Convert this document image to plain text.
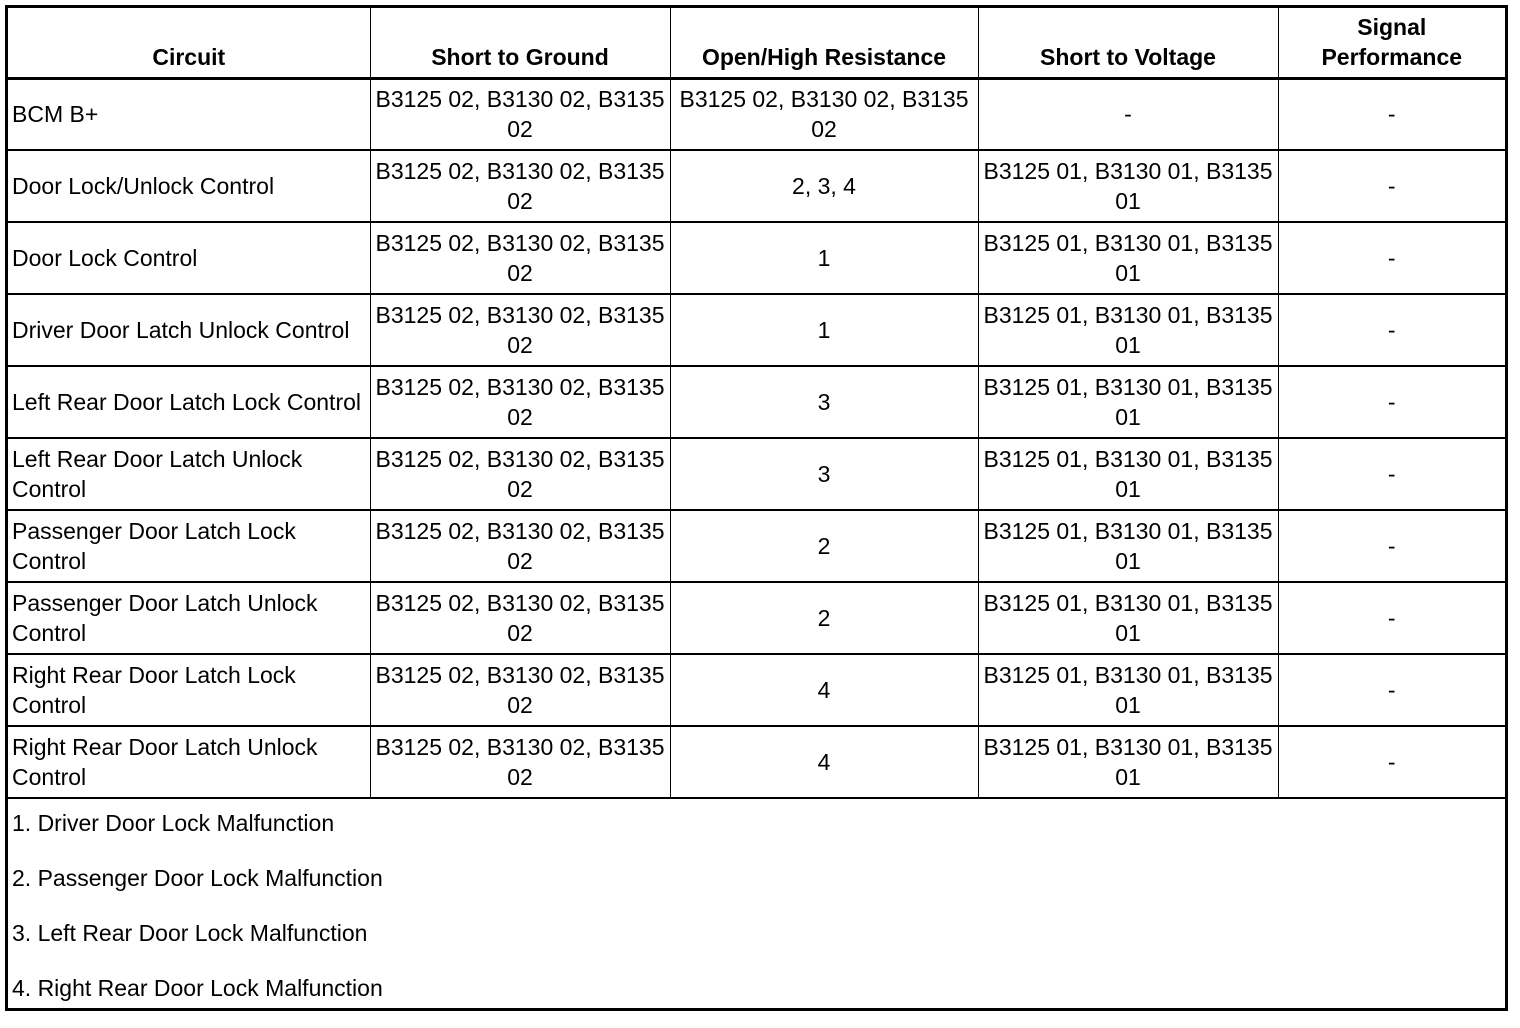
Circuit	Short to Ground	Open/High Resistance	Short to Voltage	Signal Performance
BCM B+	B3125 02, B3130 02, B3135 02	B3125 02, B3130 02, B3135 02	-	-
Door Lock/Unlock Control	B3125 02, B3130 02, B3135 02	2, 3, 4	B3125 01, B3130 01, B3135 01	-
Door Lock Control	B3125 02, B3130 02, B3135 02	1	B3125 01, B3130 01, B3135 01	-
Driver Door Latch Unlock Control	B3125 02, B3130 02, B3135 02	1	B3125 01, B3130 01, B3135 01	-
Left Rear Door Latch Lock Control	B3125 02, B3130 02, B3135 02	3	B3125 01, B3130 01, B3135 01	-
Left Rear Door Latch Unlock Control	B3125 02, B3130 02, B3135 02	3	B3125 01, B3130 01, B3135 01	-
Passenger Door Latch Lock Control	B3125 02, B3130 02, B3135 02	2	B3125 01, B3130 01, B3135 01	-
Passenger Door Latch Unlock Control	B3125 02, B3130 02, B3135 02	2	B3125 01, B3130 01, B3135 01	-
Right Rear Door Latch Lock Control	B3125 02, B3130 02, B3135 02	4	B3125 01, B3130 01, B3135 01	-
Right Rear Door Latch Unlock Control	B3125 02, B3130 02, B3135 02	4	B3125 01, B3130 01, B3135 01	-
1. Driver Door Lock Malfunction
2. Passenger Door Lock Malfunction
3. Left Rear Door Lock Malfunction
4. Right Rear Door Lock Malfunction
